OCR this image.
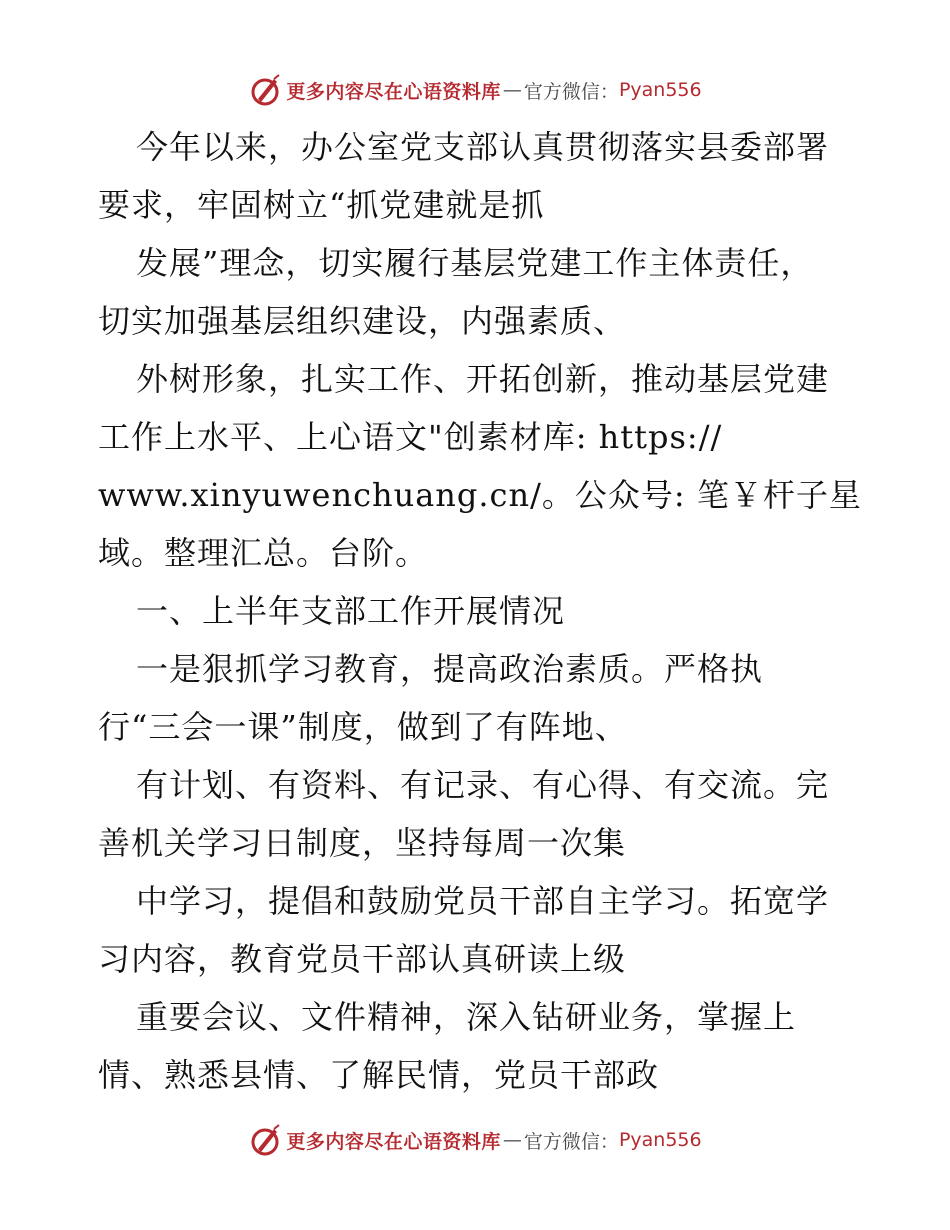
更多内容尽在心语资料库 — 官方微信： Pyan556
今年以来，办公室党支部认真贯彻落实县委部署
要求，牢固树立“抓党建就是抓
发展”理念，切实履行基层党建工作主体责任，
切实加强基层组织建设，内强素质、
外树形象，扎实工作、开拓创新，推动基层党建
工作上水平、上心语文"创素材库: https://
www.xinyuwenchuang.cn/。公众号: 笔￥杆子星
域。整理汇总。台阶。
一、上半年支部工作开展情况
一是狠抓学习教育，提高政治素质。严格执
行“三会一课”制度，做到了有阵地、
有计划、有资料、有记录、有心得、有交流。完
善机关学习日制度，坚持每周一次集
中学习，提倡和鼓励党员干部自主学习。拓宽学
习内容，教育党员干部认真研读上级
重要会议、文件精神，深入钻研业务，掌握上
情、熟悉县情、了解民情，党员干部政
更多内容尽在心语资料库 — 官方微信： Pyan556
